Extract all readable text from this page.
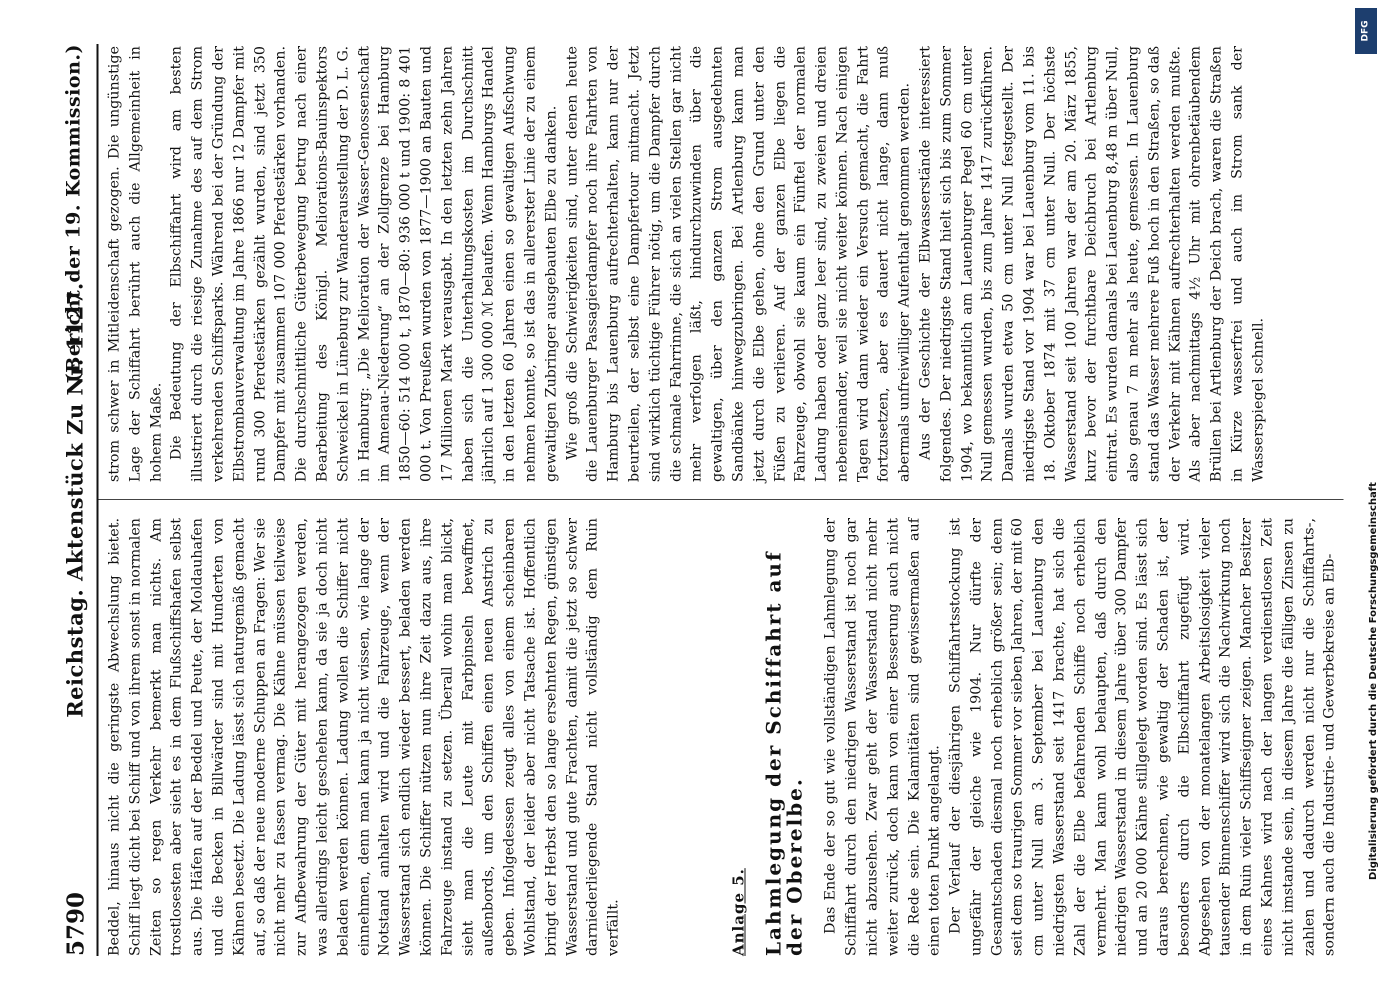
5790
Reichstag. Aktenstück Zu Nr. 1127.
(Bericht der 19. Kommission.)

Beddel, hinaus nicht die geringste Abwechslung bietet. Schiff liegt dicht bei Schiff und von ihrem sonst in normalen Zeiten so regen Verkehr bemerkt man nichts. Am trostlosesten aber sieht es in dem Flußschiffshafen selbst aus. Die Häfen auf der Beddel und Peute, der Moldauhafen und die Becken in Billwärder sind mit Hunderten von Kähnen besetzt. Die Ladung lässt sich naturgemäß gemacht auf, so daß der neue moderne Schuppen an Fragen: Wer sie nicht mehr zu fassen vermag. Die Kähne müssen teilweise zur Aufbewahrung der Güter mit herangezogen werden, was allerdings leicht geschehen kann, da sie ja doch nicht beladen werden können. Ladung wollen die Schiffer nicht einnehmen, denn man kann ja nicht wissen, wie lange der Notstand anhalten wird und die Fahrzeuge, wenn der Wasserstand sich endlich wieder bessert, beladen werden können. Die Schiffer nützen nun ihre Zeit dazu aus, ihre Fahrzeuge instand zu setzen. Überall wohin man blickt, sieht man die Leute mit Farbpinseln bewaffnet, außenbords, um den Schiffen einen neuen Anstrich zu geben. Infolgedessen zeugt alles von einem scheinbaren Wohlstand, der leider aber nicht Tatsache ist. Hoffentlich bringt der Herbst den so lange ersehnten Regen, günstigen Wasserstand und gute Frachten, damit die jetzt so schwer darniederliegende Stand nicht vollständig dem Ruin verfällt.	Anlage 5. Lahmlegung der Schiffahrt auf der Oberelbe. Das Ende der so gut wie vollständigen Lahmlegung der Schiffahrt durch den niedrigen Wasserstand ist noch gar nicht abzusehen. Zwar geht der Wasserstand nicht mehr weiter zurück, doch kann von einer Besserung auch nicht die Rede sein. Die Kalamitäten sind gewissermaßen auf einen toten Punkt angelangt. Der Verlauf der diesjährigen Schiffahrtsstockung ist ungefähr der gleiche wie 1904. Nur dürfte der Gesamtschaden diesmal noch erheblich größer sein; denn seit dem so traurigen Sommer vor sieben Jahren, der mit 60 cm unter Null am 3. September bei Lauenburg den niedrigsten Wasserstand seit 1417 brachte, hat sich die Zahl der die Elbe befahrenden Schiffe noch erheblich vermehrt. Man kann wohl behaupten, daß durch den niedrigen Wasserstand in diesem Jahre über 300 Dampfer und an 20 000 Kähne stillgelegt worden sind. Es lässt sich daraus berechnen, wie gewaltig der Schaden ist, der besonders durch die Elbschiffahrt zugefügt wird. Abgesehen von der monatelangen Arbeitslosigkeit vieler tausender Binnenschiffer wird sich die Nachwirkung noch in dem Ruin vieler Schiffseigner zeigen. Mancher Besitzer eines Kahnes wird nach der langen verdienstlosen Zeit nicht imstande sein, in diesem Jahre die fälligen Zinsen zu zahlen und dadurch werden nicht nur die Schiffahrts-, sondern auch die Industrie- und Gewerbekreise an Elb-

strom schwer in Mitleidenschaft gezogen. Die ungünstige Lage der Schiffahrt berührt auch die Allgemeinheit in hohem Maße. Die Bedeutung der Elbschiffahrt wird am besten illustriert durch die riesige Zunahme des auf dem Strom verkehrenden Schiffsparks. Während bei der Gründung der Elbstrombauverwaltung im Jahre 1866 nur 12 Dampfer mit rund 300 Pferdestärken gezählt wurden, sind jetzt 350 Dampfer mit zusammen 107 000 Pferdestärken vorhanden. Die durchschnittliche Güterbewegung betrug nach einer Bearbeitung des Königl. Meliorations-Bauinspektors Schweickel in Lüneburg zur Wanderausstellung der D. L. G. in Hamburg: „Die Melioration der Wasser-Genossenschaft im Amenau-Niederung“ an der Zollgrenze bei Hamburg 1850—60: 514 000 t, 1870—80: 936 000 t und 1900: 8 401 000 t. Von Preußen wurden von 1877—1900 an Bauten und 17 Millionen Mark verausgabt. In den letzten zehn Jahren haben sich die Unterhaltungskosten im Durchschnitt jährlich auf 1 300 000 ℳ belaufen. Wenn Hamburgs Handel in den letzten 60 Jahren einen so gewaltigen Aufschwung nehmen konnte, so ist das in allererster Linie der zu einem gewaltigen Zubringer ausgebauten Elbe zu danken. Wie groß die Schwierigkeiten sind, unter denen heute die Lauenburger Passagierdampfer noch ihre Fahrten von Hamburg bis Lauenburg aufrechterhalten, kann nur der beurteilen, der selbst eine Dampfertour mitmacht. Jetzt sind wirklich tüchtige Führer nötig, um die Dampfer durch die schmale Fahrrinne, die sich an vielen Stellen gar nicht mehr verfolgen läßt, hindurchzuwinden über die gewaltigen, über den ganzen Strom ausgedehnten Sandbänke hinwegzubringen. Bei Artlenburg kann man jetzt durch die Elbe gehen, ohne den Grund unter den Füßen zu verlieren. Auf der ganzen Elbe liegen die Fahrzeuge, obwohl sie kaum ein Fünftel der normalen Ladung haben oder ganz leer sind, zu zweien und dreien nebeneinander, weil sie nicht weiter können. Nach einigen Tagen wird dann wieder ein Versuch gemacht, die Fahrt fortzusetzen, aber es dauert nicht lange, dann muß abermals unfreiwilliger Aufenthalt genommen werden. Aus der Geschichte der Elbwasserstände interessiert folgendes. Der niedrigste Stand hielt sich bis zum Sommer 1904, wo bekanntlich am Lauenburger Pegel 60 cm unter Null gemessen wurden, bis zum Jahre 1417 zurückführen. Damals wurden etwa 50 cm unter Null festgestellt. Der niedrigste Stand vor 1904 war bei Lauenburg vom 11. bis 18. Oktober 1874 mit 37 cm unter Null. Der höchste Wasserstand seit 100 Jahren war der am 20. März 1855, kurz bevor der furchtbare Deichbruch bei Artlenburg eintrat. Es wurden damals bei Lauenburg 8,48 m über Null, also genau 7 m mehr als heute, gemessen. In Lauenburg stand das Wasser mehrere Fuß hoch in den Straßen, so daß der Verkehr mit Kähnen aufrechterhalten werden mußte. Als aber nachmittags 4½ Uhr mit ohrenbetäubendem Brüllen bei Artlenburg der Deich brach, waren die Straßen in Kürze wasserfrei und auch im Strom sank der Wasserspiegel schnell.

DFG
Digitalisierung gefördert durch die Deutsche Forschungsgemeinschaft
